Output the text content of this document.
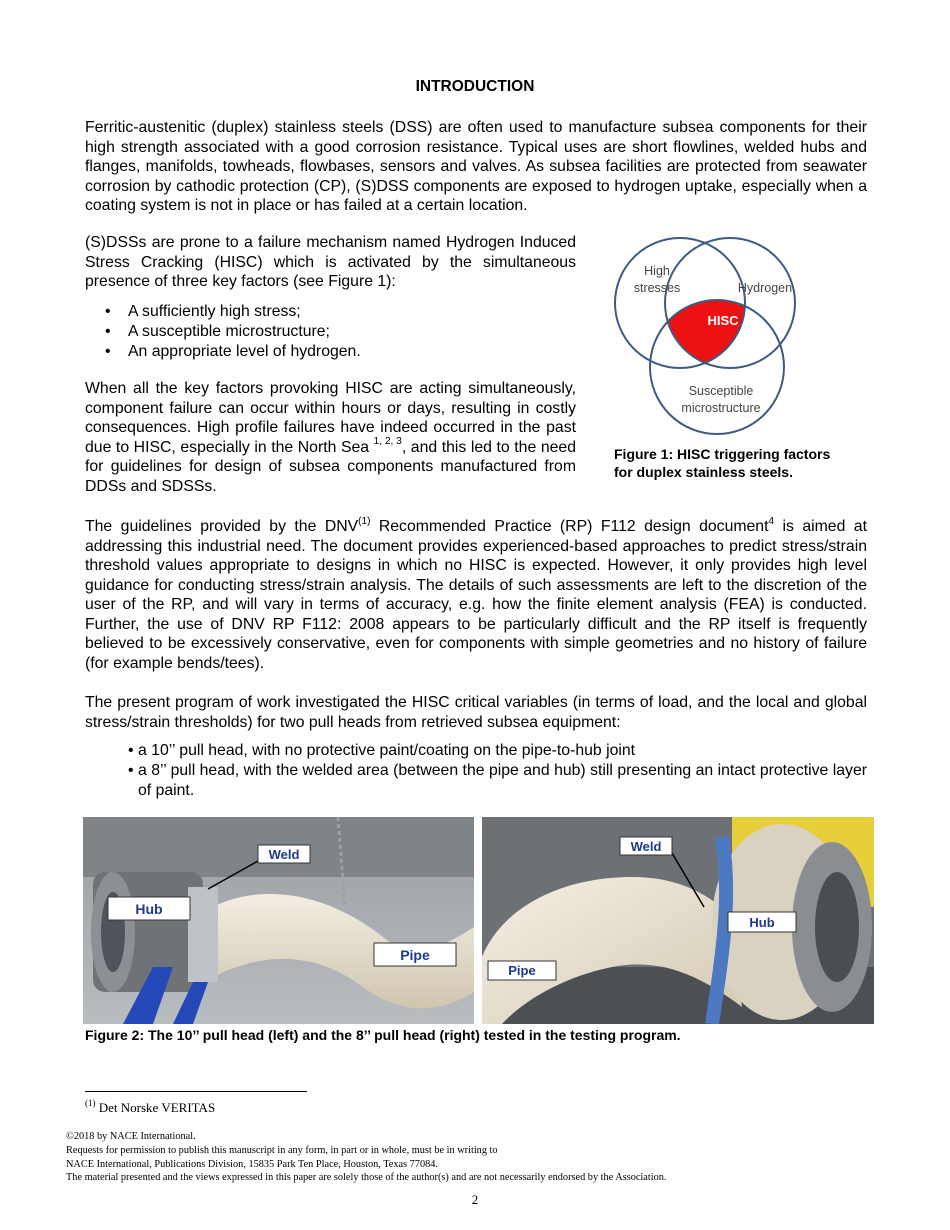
INTRODUCTION

Ferritic-austenitic (duplex) stainless steels (DSS) are often used to manufacture subsea components for their high strength associated with a good corrosion resistance. Typical uses are short flowlines, welded hubs and flanges, manifolds, towheads, flowbases, sensors and valves. As subsea facilities are protected from seawater corrosion by cathodic protection (CP), (S)DSS components are exposed to hydrogen uptake, especially when a coating system is not in place or has failed at a certain location.

(S)DSSs are prone to a failure mechanism named Hydrogen Induced Stress Cracking (HISC) which is activated by the simultaneous presence of three key factors (see Figure 1):

• A sufficiently high stress;
• A susceptible microstructure;
• An appropriate level of hydrogen.

When all the key factors provoking HISC are acting simultaneously, component failure can occur within hours or days, resulting in costly consequences. High profile failures have indeed occurred in the past due to HISC, especially in the North Sea $^{1, 2, 3}$, and this led to the need for guidelines for design of subsea components manufactured from DDSs and SDSSs.

High
stresses	Hydrogen
HISC
Susceptible
microstructure
Figure 1: HISC triggering factors
for duplex stainless steels.

The guidelines provided by the DNV$^{(1)}$ Recommended Practice (RP) F112 design document$^4$ is aimed at addressing this industrial need. The document provides experienced-based approaches to predict stress/strain threshold values appropriate to designs in which no HISC is expected. However, it only provides high level guidance for conducting stress/strain analysis. The details of such assessments are left to the discretion of the user of the RP, and will vary in terms of accuracy, e.g. how the finite element analysis (FEA) is conducted. Further, the use of DNV RP F112: 2008 appears to be particularly difficult and the RP itself is frequently believed to be excessively conservative, even for components with simple geometries and no history of failure (for example bends/tees).

The present program of work investigated the HISC critical variables (in terms of load, and the local and global stress/strain thresholds) for two pull heads from retrieved subsea equipment:

• a 10’’ pull head, with no protective paint/coating on the pipe-to-hub joint
• a 8’’ pull head, with the welded area (between the pipe and hub) still presenting an intact protective layer of paint.
Weld
Hub
Pipe
Weld
Hub
Pipe
Figure 2: The 10’’ pull head (left) and the 8’’ pull head (right) tested in the testing program.
$^{(1)}$ Det Norske VERITAS
©2018 by NACE International.
Requests for permission to publish this manuscript in any form, in part or in whole, must be in writing to
NACE International, Publications Division, 15835 Park Ten Place, Houston, Texas 77084.
The material presented and the views expressed in this paper are solely those of the author(s) and are not necessarily endorsed by the Association.
2
